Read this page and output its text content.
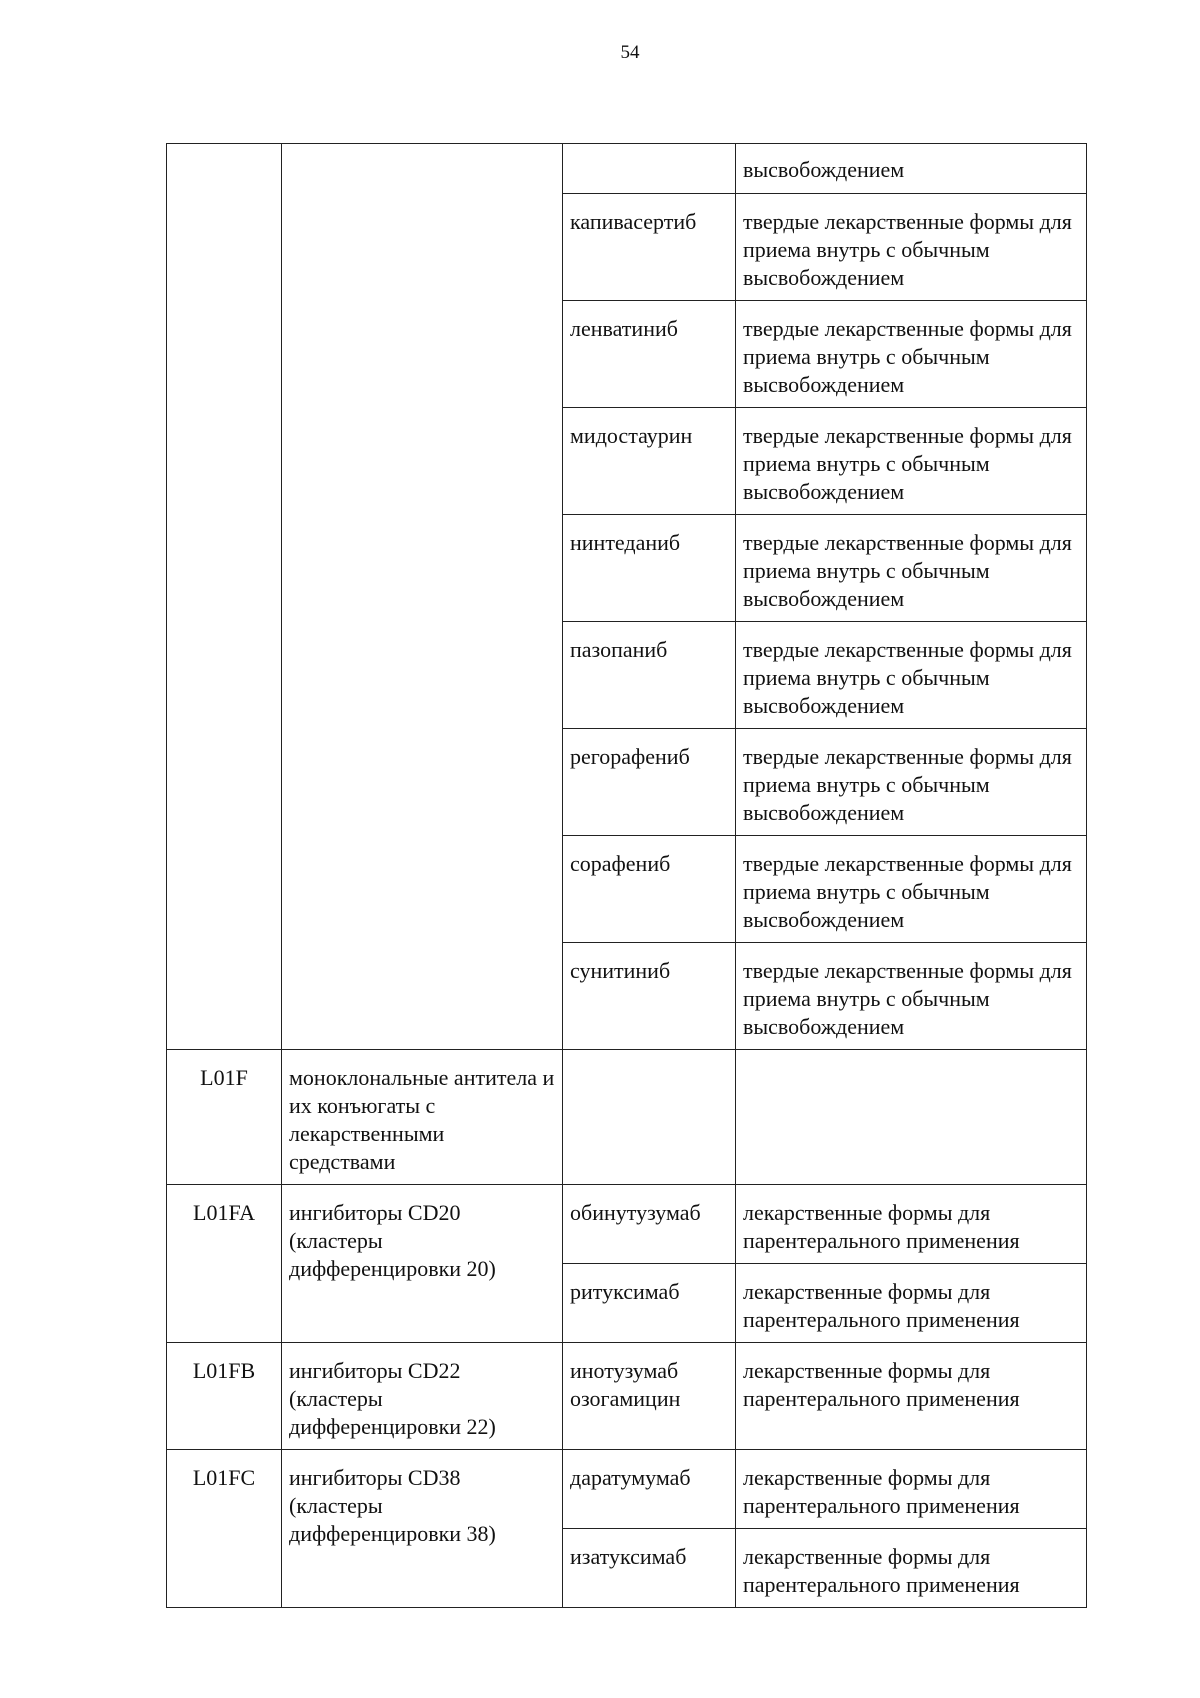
54
			высвобождением
		капивасертиб	твердые лекарственные формы для приема внутрь с обычным высвобождением
		ленватиниб	твердые лекарственные формы для приема внутрь с обычным высвобождением
		мидостаурин	твердые лекарственные формы для приема внутрь с обычным высвобождением
		нинтеданиб	твердые лекарственные формы для приема внутрь с обычным высвобождением
		пазопаниб	твердые лекарственные формы для приема внутрь с обычным высвобождением
		регорафениб	твердые лекарственные формы для приема внутрь с обычным высвобождением
		сорафениб	твердые лекарственные формы для приема внутрь с обычным высвобождением
		сунитиниб	твердые лекарственные формы для приема внутрь с обычным высвобождением
L01F	моноклональные антитела и их конъюгаты с лекарственными средствами		
L01FA	ингибиторы CD20 (кластеры дифференцировки 20)	обинутузумаб	лекарственные формы для парентерального применения
		ритуксимаб	лекарственные формы для парентерального применения
L01FB	ингибиторы CD22 (кластеры дифференцировки 22)	инотузумаб озогамицин	лекарственные формы для парентерального применения
L01FC	ингибиторы CD38 (кластеры дифференцировки 38)	даратумумаб	лекарственные формы для парентерального применения
		изатуксимаб	лекарственные формы для парентерального применения
